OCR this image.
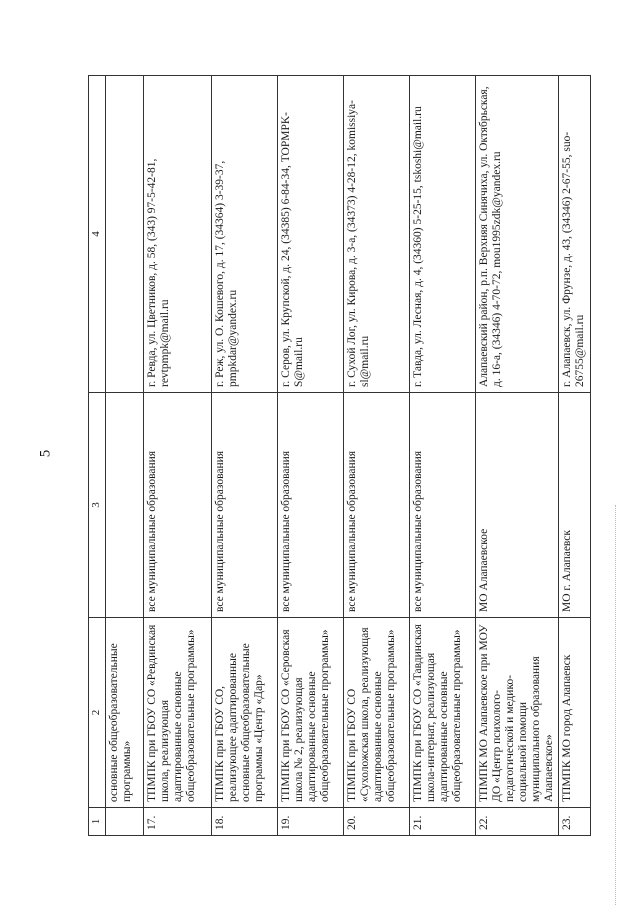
5
1	2	3	4
	основные общеобразовательные программы»		
17.	ТПМПК при ГБОУ СО «Ревдинская школа, реализующая адаптированные основные общеобразовательные программы»	все муниципальные образования	г. Ревда, ул. Цветников, д. 58, (343) 97-5-42-81, revtpmpk@mail.ru
18.	ТПМПК при ГБОУ СО, реализующее адаптированные основные общеобразовательные программы «Центр «Дар»	все муниципальные образования	г. Реж, ул. О. Кошевого, д. 17, (34364) 3-39-37, pmpkdar@yandex.ru
19.	ТПМПК при ГБОУ СО «Серовская школа № 2, реализующая адаптированные основные общеобразовательные программы»	все муниципальные образования	г. Серов, ул. Крупской, д. 24, (34385) 6-84-34, TOPMPK-S@mail.ru
20.	ТПМПК при ГБОУ СО «Сухоложская школа, реализующая адаптированные основные общеобразовательные программы»	все муниципальные образования	г. Сухой Лог, ул. Кирова, д. 3-а, (34373) 4-28-12, komissiya-sl@mail.ru
21.	ТПМПК при ГБОУ СО «Тавдинская школа-интернат, реализующая адаптированные основные общеобразовательные программы»	все муниципальные образования	г. Тавда, ул. Лесная, д. 4, (34360) 5-25-15, tskoshi@mail.ru
22.	ТПМПК МО Алапаевское при МОУ ДО «Центр психолого-педагогической и медико-социальной помощи муниципального образования Алапаевское»	МО Алапаевское	Алапаевский район, р.п. Верхняя Синячиха, ул. Октябрьская, д. 16-а, (34346) 4-70-72, mou1995zdk@yandex.ru
23.	ТПМПК МО город Алапаевск	МО г. Алапаевск	г. Алапаевск, ул. Фрунзе, д. 43, (34346) 2-67-55, suo-26755@mail.ru
